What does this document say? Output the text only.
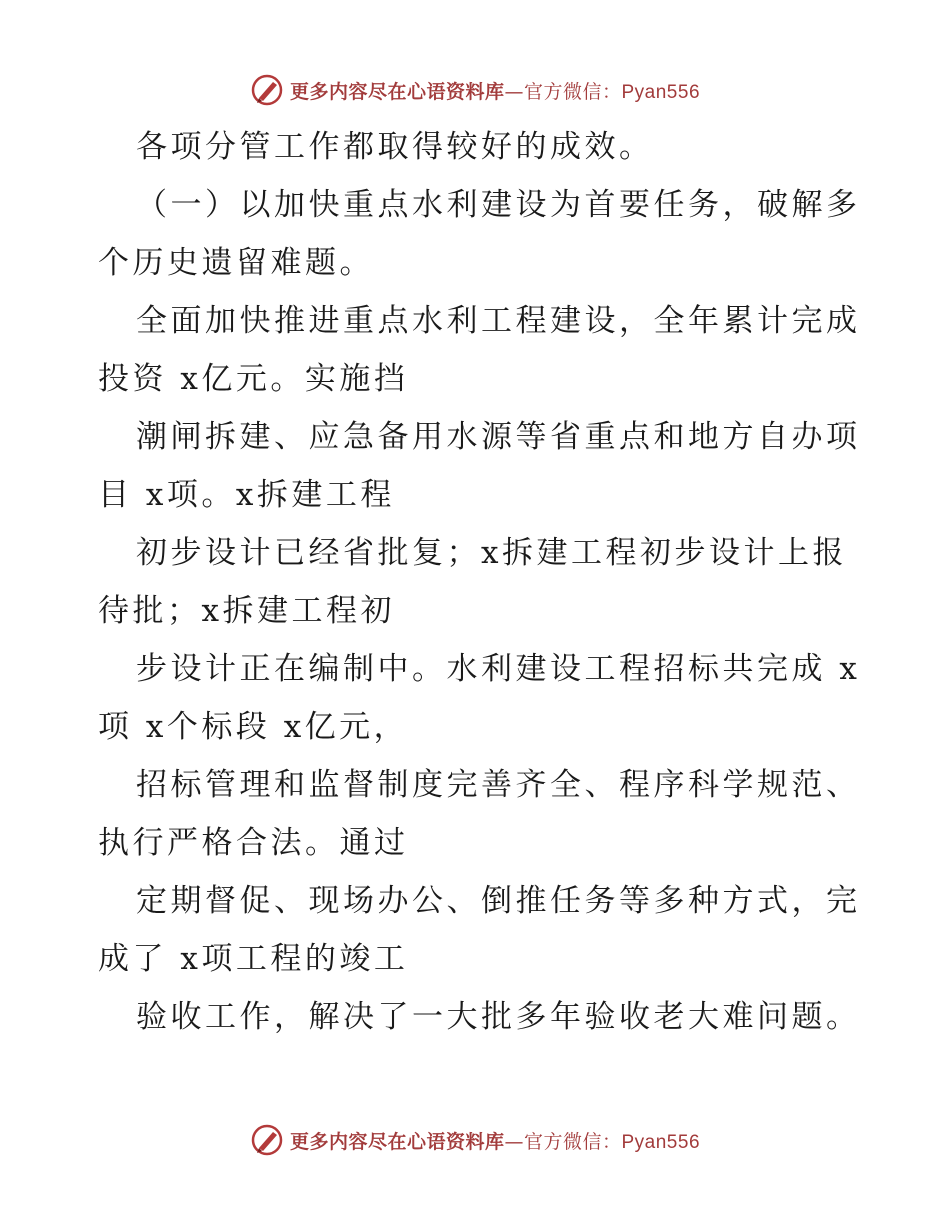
更多内容尽在心语资料库—官方微信：Pyan556

各项分管工作都取得较好的成效。

（一）以加快重点水利建设为首要任务，破解多

个历史遗留难题。

全面加快推进重点水利工程建设，全年累计完成

投资 x亿元。实施挡

潮闸拆建、应急备用水源等省重点和地方自办项

目 x项。x拆建工程

初步设计已经省批复；x拆建工程初步设计上报

待批；x拆建工程初

步设计正在编制中。水利建设工程招标共完成 x

项 x个标段 x亿元，

招标管理和监督制度完善齐全、程序科学规范、

执行严格合法。通过

定期督促、现场办公、倒推任务等多种方式，完

成了 x项工程的竣工

验收工作，解决了一大批多年验收老大难问题。

更多内容尽在心语资料库—官方微信：Pyan556
